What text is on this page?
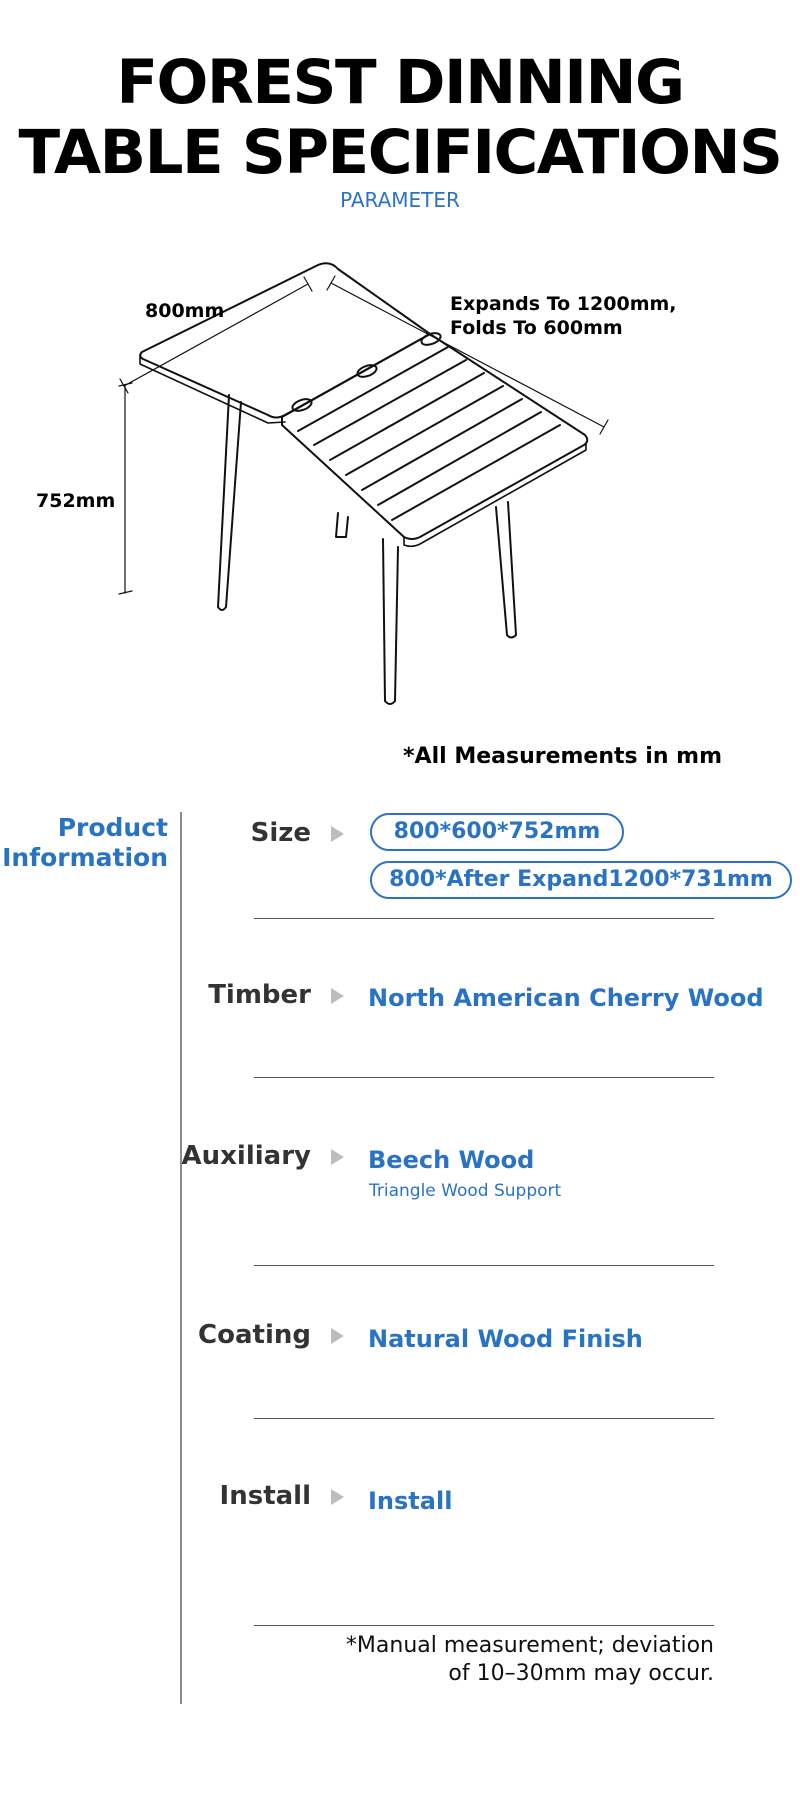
FOREST DINNING
TABLE SPECIFICATIONS
PARAMETER
800mm	Expands To 1200mm,
Folds To 600mm
752mm
*All Measurements in mm
Product
Information
Size	800*600*752mm
800*After Expand1200*731mm
Timber North American Cherry Wood
Auxiliary Beech Wood
Triangle Wood Support
Coating Natural Wood Finish
Install Install
*Manual measurement; deviation
of 10–30mm may occur.
